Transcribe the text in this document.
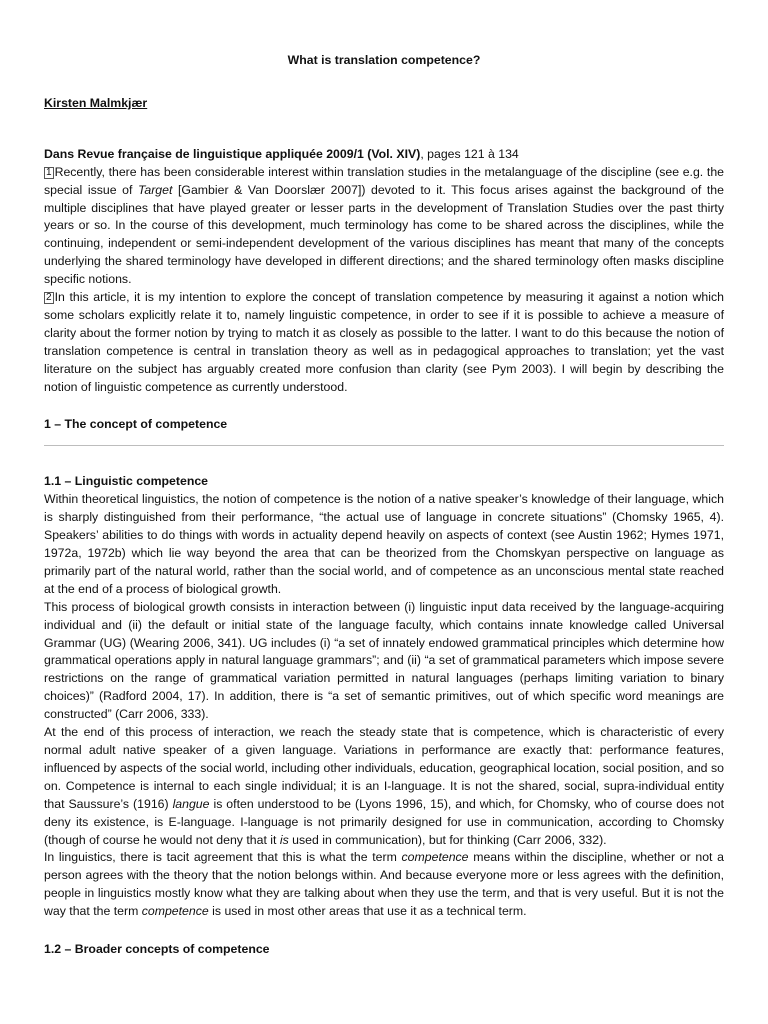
What is translation competence?
Kirsten Malmkjær
Dans Revue française de linguistique appliquée 2009/1 (Vol. XIV), pages 121 à 134

1 Recently, there has been considerable interest within translation studies in the metalanguage of the discipline (see e.g. the special issue of Target [Gambier & Van Doorslær 2007]) devoted to it. This focus arises against the background of the multiple disciplines that have played greater or lesser parts in the development of Translation Studies over the past thirty years or so. In the course of this development, much terminology has come to be shared across the disciplines, while the continuing, independent or semi-independent development of the various disciplines has meant that many of the concepts underlying the shared terminology have developed in different directions; and the shared terminology often masks discipline specific notions.

2 In this article, it is my intention to explore the concept of translation competence by measuring it against a notion which some scholars explicitly relate it to, namely linguistic competence, in order to see if it is possible to achieve a measure of clarity about the former notion by trying to match it as closely as possible to the latter. I want to do this because the notion of translation competence is central in translation theory as well as in pedagogical approaches to translation; yet the vast literature on the subject has arguably created more confusion than clarity (see Pym 2003). I will begin by describing the notion of linguistic competence as currently understood.

1 – The concept of competence
1.1 – Linguistic competence

Within theoretical linguistics, the notion of competence is the notion of a native speaker’s knowledge of their language, which is sharply distinguished from their performance, “the actual use of language in concrete situations” (Chomsky 1965, 4). Speakers’ abilities to do things with words in actuality depend heavily on aspects of context (see Austin 1962; Hymes 1971, 1972a, 1972b) which lie way beyond the area that can be theorized from the Chomskyan perspective on language as primarily part of the natural world, rather than the social world, and of competence as an unconscious mental state reached at the end of a process of biological growth.

This process of biological growth consists in interaction between (i) linguistic input data received by the language-acquiring individual and (ii) the default or initial state of the language faculty, which contains innate knowledge called Universal Grammar (UG) (Wearing 2006, 341). UG includes (i) “a set of innately endowed grammatical principles which determine how grammatical operations apply in natural language grammars”; and (ii) “a set of grammatical parameters which impose severe restrictions on the range of grammatical variation permitted in natural languages (perhaps limiting variation to binary choices)” (Radford 2004, 17). In addition, there is “a set of semantic primitives, out of which specific word meanings are constructed” (Carr 2006, 333).

At the end of this process of interaction, we reach the steady state that is competence, which is characteristic of every normal adult native speaker of a given language. Variations in performance are exactly that: performance features, influenced by aspects of the social world, including other individuals, education, geographical location, social position, and so on. Competence is internal to each single individual; it is an I-language. It is not the shared, social, supra-individual entity that Saussure’s (1916) langue is often understood to be (Lyons 1996, 15), and which, for Chomsky, who of course does not deny its existence, is E-language. I-language is not primarily designed for use in communication, according to Chomsky (though of course he would not deny that it is used in communication), but for thinking (Carr 2006, 332).

In linguistics, there is tacit agreement that this is what the term competence means within the discipline, whether or not a person agrees with the theory that the notion belongs within. And because everyone more or less agrees with the definition, people in linguistics mostly know what they are talking about when they use the term, and that is very useful. But it is not the way that the term competence is used in most other areas that use it as a technical term.

1.2 – Broader concepts of competence
